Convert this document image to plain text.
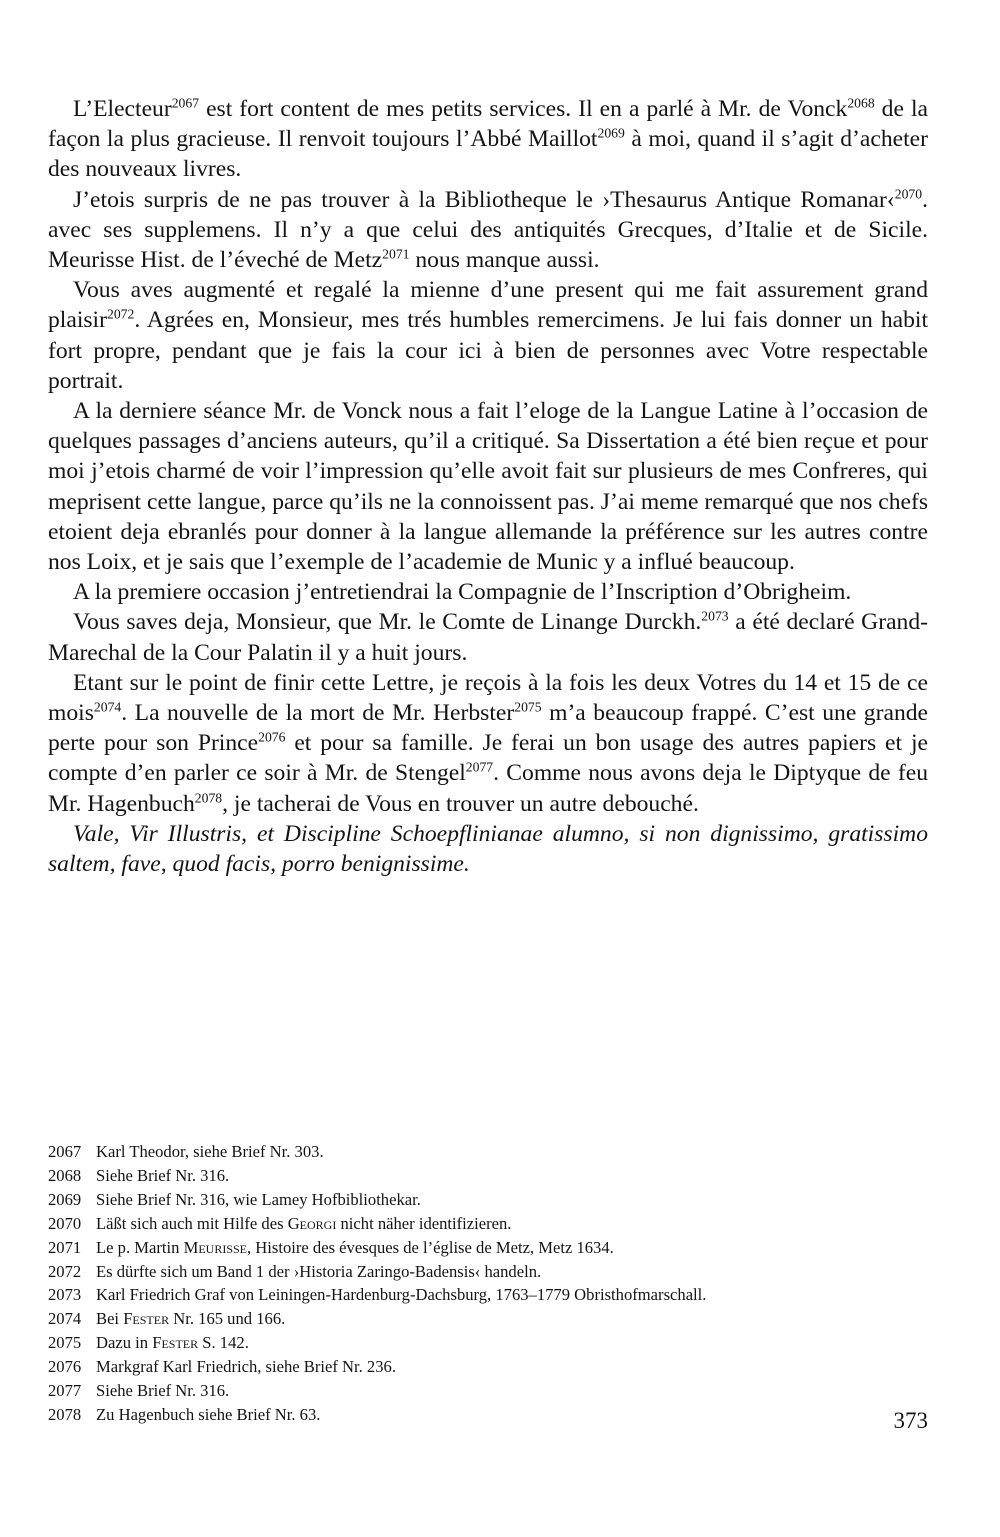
L’Electeur$^{2067}$ est fort content de mes petits services. Il en a parlé à Mr. de Vonck$^{2068}$ de la façon la plus gracieuse. Il renvoit toujours l’Abbé Maillot$^{2069}$ à moi, quand il s’agit d’acheter des nouveaux livres.

J’etois surpris de ne pas trouver à la Bibliotheque le ›Thesaurus Antique Romanar‹$^{2070}$. avec ses supplemens. Il n’y a que celui des antiquités Grecques, d’Italie et de Sicile. Meurisse Hist. de l’éveché de Metz$^{2071}$ nous manque aussi.

Vous aves augmenté et regalé la mienne d’une present qui me fait assurement grand plaisir$^{2072}$. Agrées en, Monsieur, mes trés humbles remercimens. Je lui fais donner un habit fort propre, pendant que je fais la cour ici à bien de personnes avec Votre respectable portrait.

A la derniere séance Mr. de Vonck nous a fait l’eloge de la Langue Latine à l’occasion de quelques passages d’anciens auteurs, qu’il a critiqué. Sa Dissertation a été bien reçue et pour moi j’etois charmé de voir l’impression qu’elle avoit fait sur plusieurs de mes Confreres, qui meprisent cette langue, parce qu’ils ne la connoissent pas. J’ai meme remarqué que nos chefs etoient deja ebranlés pour donner à la langue allemande la préférence sur les autres contre nos Loix, et je sais que l’exemple de l’academie de Munic y a influé beaucoup.

A la premiere occasion j’entretiendrai la Compagnie de l’Inscription d’Obrigheim.

Vous saves deja, Monsieur, que Mr. le Comte de Linange Durckh.$^{2073}$ a été declaré Grand-Marechal de la Cour Palatin il y a huit jours.

Etant sur le point de finir cette Lettre, je reçois à la fois les deux Votres du 14 et 15 de ce mois$^{2074}$. La nouvelle de la mort de Mr. Herbster$^{2075}$ m’a beaucoup frappé. C’est une grande perte pour son Prince$^{2076}$ et pour sa famille. Je ferai un bon usage des autres papiers et je compte d’en parler ce soir à Mr. de Stengel$^{2077}$. Comme nous avons deja le Diptyque de feu Mr. Hagenbuch$^{2078}$, je tacherai de Vous en trouver un autre debouché.

Vale, Vir Illustris, et Discipline Schoepflinianae alumno, si non dignissimo, gratissimo saltem, fave, quod facis, porro benignissime.

2067 Karl Theodor, siehe Brief Nr. 303.
2068 Siehe Brief Nr. 316.
2069 Siehe Brief Nr. 316, wie Lamey Hofbibliothekar.
2070 Läßt sich auch mit Hilfe des Georgi nicht näher identifizieren.
2071 Le p. Martin Meurisse, Histoire des évesques de l’église de Metz, Metz 1634.
2072 Es dürfte sich um Band 1 der ›Historia Zaringo-Badensis‹ handeln.
2073 Karl Friedrich Graf von Leiningen-Hardenburg-Dachsburg, 1763–1779 Obristhofmarschall.
2074 Bei Fester Nr. 165 und 166.
2075 Dazu in Fester S. 142.
2076 Markgraf Karl Friedrich, siehe Brief Nr. 236.
2077 Siehe Brief Nr. 316.
2078 Zu Hagenbuch siehe Brief Nr. 63.	373
